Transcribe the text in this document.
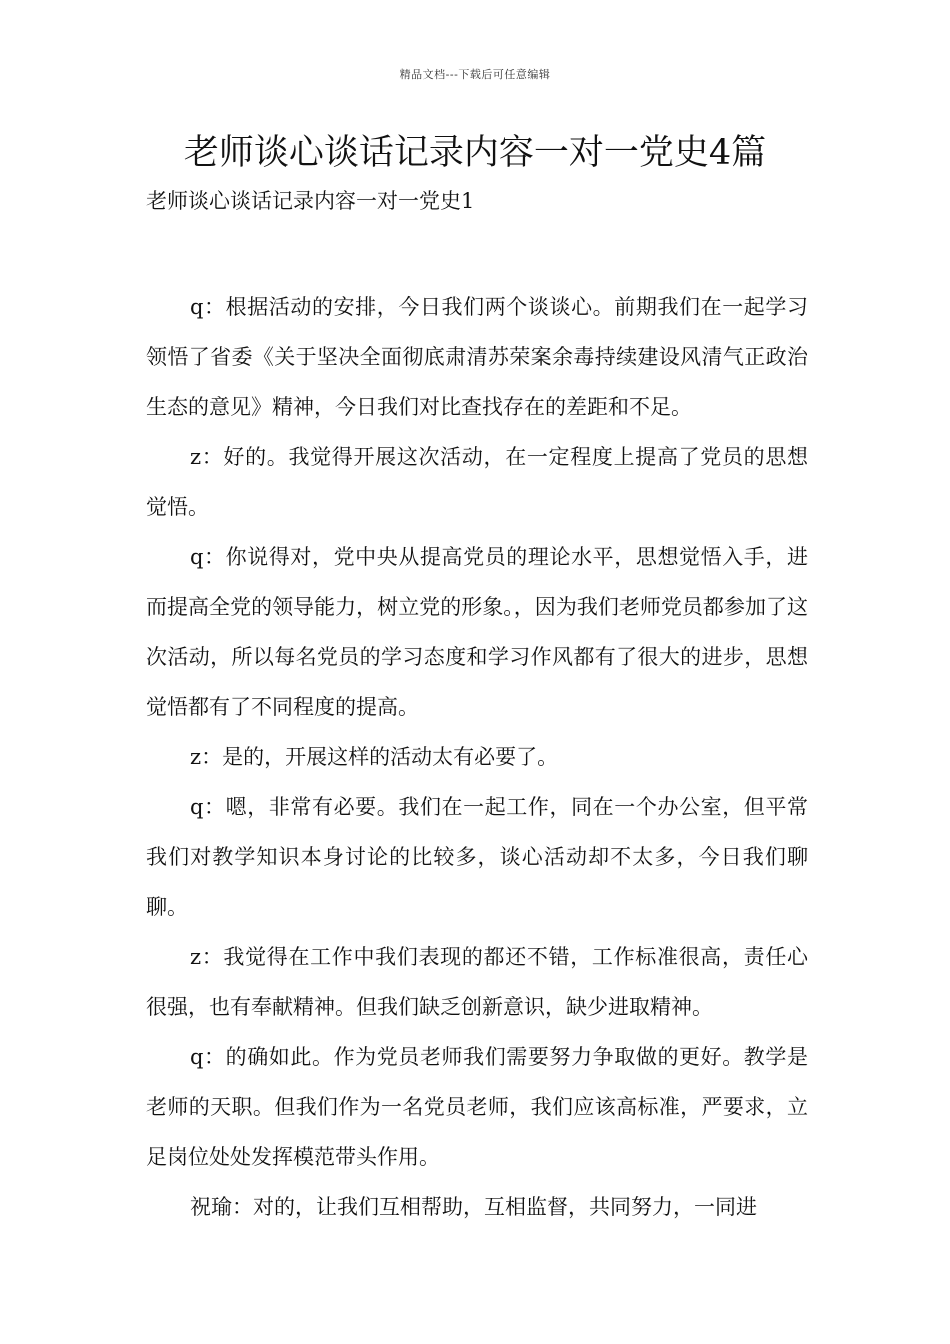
精品文档---下载后可任意编辑
老师谈心谈话记录内容一对一党史4篇
老师谈心谈话记录内容一对一党史1

q：根据活动的安排，今日我们两个谈谈心。前期我们在一起学习领悟了省委《关于坚决全面彻底肃清苏荣案余毒持续建设风清气正政治生态的意见》精神，今日我们对比查找存在的差距和不足。

z：好的。我觉得开展这次活动，在一定程度上提高了党员的思想觉悟。

q：你说得对，党中央从提高党员的理论水平，思想觉悟入手，进而提高全党的领导能力，树立党的形象。，因为我们老师党员都参加了这次活动，所以每名党员的学习态度和学习作风都有了很大的进步，思想觉悟都有了不同程度的提高。

z：是的，开展这样的活动太有必要了。

q：嗯，非常有必要。我们在一起工作，同在一个办公室，但平常我们对教学知识本身讨论的比较多，谈心活动却不太多，今日我们聊聊。

z：我觉得在工作中我们表现的都还不错，工作标准很高，责任心很强，也有奉献精神。但我们缺乏创新意识，缺少进取精神。

q：的确如此。作为党员老师我们需要努力争取做的更好。教学是老师的天职。但我们作为一名党员老师，我们应该高标准，严要求，立足岗位处处发挥模范带头作用。

祝瑜：对的，让我们互相帮助，互相监督，共同努力，一同进
